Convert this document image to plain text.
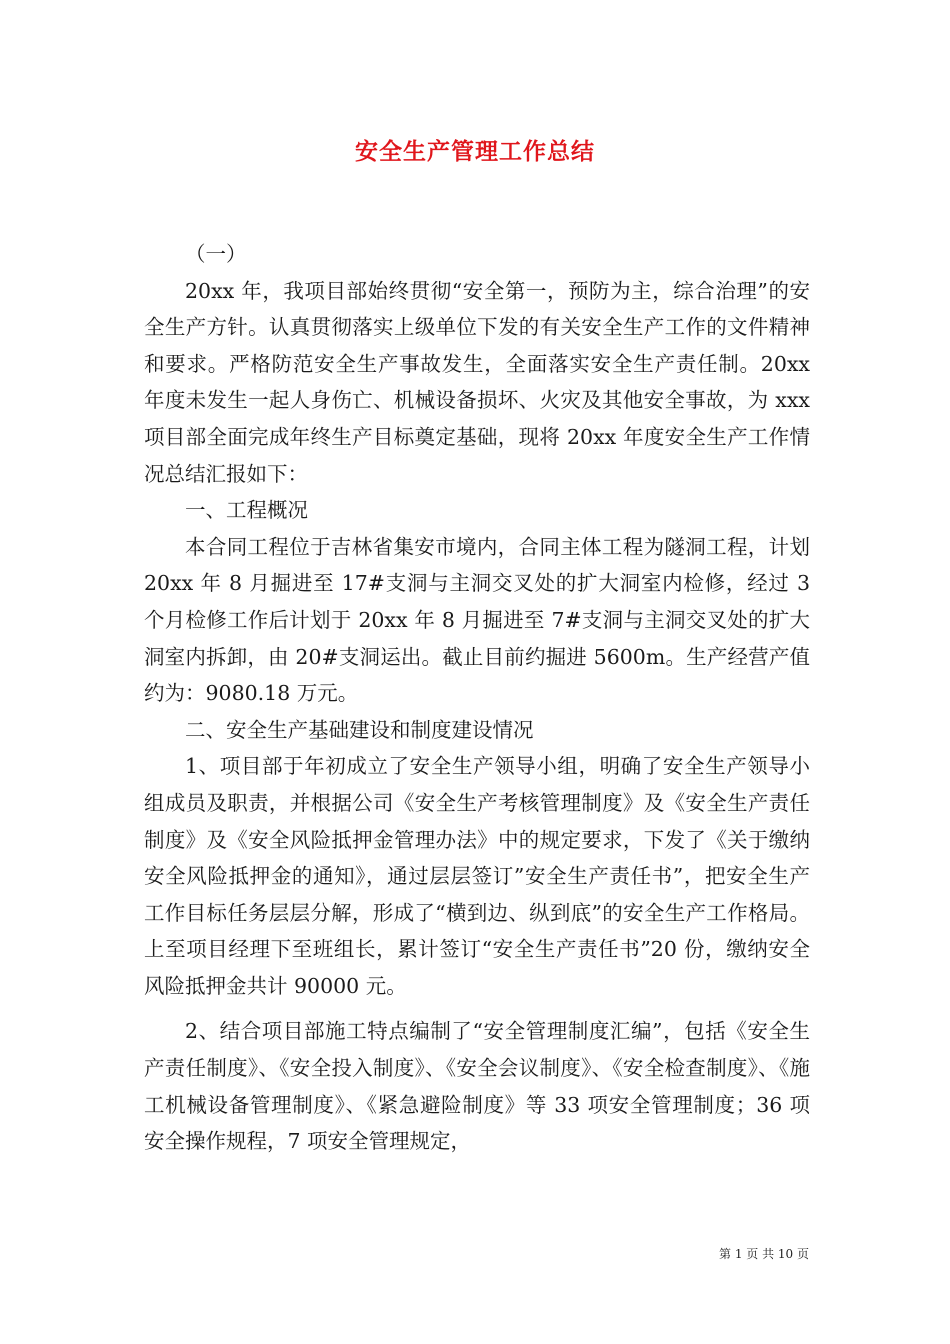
安全生产管理工作总结

（一）

20xx 年，我项目部始终贯彻“安全第一，预防为主，综合治理”的安全生产方针。认真贯彻落实上级单位下发的有关安全生产工作的文件精神和要求。严格防范安全生产事故发生，全面落实安全生产责任制。20xx 年度未发生一起人身伤亡、机械设备损坏、火灾及其他安全事故，为 xxx 项目部全面完成年终生产目标奠定基础，现将 20xx 年度安全生产工作情况总结汇报如下：

一、工程概况

本合同工程位于吉林省集安市境内，合同主体工程为隧洞工程，计划 20xx 年 8 月掘进至 17#支洞与主洞交叉处的扩大洞室内检修，经过 3 个月检修工作后计划于 20xx 年 8 月掘进至 7#支洞与主洞交叉处的扩大洞室内拆卸，由 20#支洞运出。截止目前约掘进 5600m。生产经营产值约为：9080.18 万元。

二、安全生产基础建设和制度建设情况

1、项目部于年初成立了安全生产领导小组，明确了安全生产领导小组成员及职责，并根据公司《安全生产考核管理制度》及《安全生产责任制度》及《安全风险抵押金管理办法》中的规定要求，下发了《关于缴纳安全风险抵押金的通知》，通过层层签订”安全生产责任书”，把安全生产工作目标任务层层分解，形成了“横到边、纵到底”的安全生产工作格局。上至项目经理下至班组长，累计签订“安全生产责任书”20 份，缴纳安全风险抵押金共计 90000 元。

2、结合项目部施工特点编制了“安全管理制度汇编”，包括《安全生产责任制度》、《安全投入制度》、《安全会议制度》、《安全检查制度》、《施工机械设备管理制度》、《紧急避险制度》等 33 项安全管理制度；36 项安全操作规程，7 项安全管理规定，

第 1 页 共 10 页
